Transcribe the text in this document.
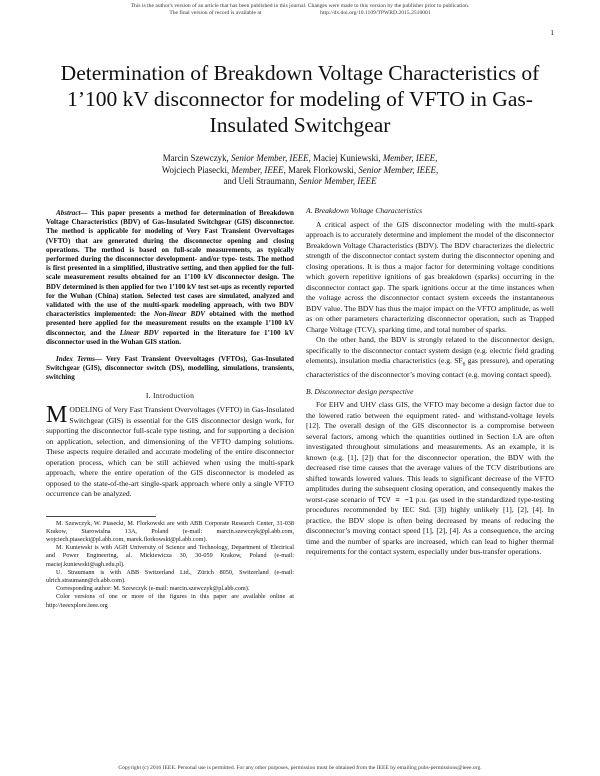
This is the author's version of an article that has been published in this journal. Changes were made to this version by the publisher prior to publication.
The final version of record is available at                                          http://dx.doi.org/10.1109/TPWRD.2015.2510001
1
Determination of Breakdown Voltage Characteristics of 1’100 kV disconnector for modeling of VFTO in Gas-Insulated Switchgear
Marcin Szewczyk, Senior Member, IEEE, Maciej Kuniewski, Member, IEEE,
Wojciech Piasecki, Member, IEEE, Marek Florkowski, Senior Member, IEEE,
and Ueli Straumann, Senior Member, IEEE

Abstract— This paper presents a method for determination of Breakdown Voltage Characteristics (BDV) of Gas-Insulated Switchgear (GIS) disconnector. The method is applicable for modeling of Very Fast Transient Overvoltages (VFTO) that are generated during the disconnector opening and closing operations. The method is based on full-scale measurements, as typically performed during the disconnector development- and/or type- tests. The method is first presented in a simplified, illustrative setting, and then applied for the full-scale measurement results obtained for an 1’100 kV disconnector design. The BDV determined is then applied for two 1’100 kV test set-ups as recently reported for the Wuhan (China) station. Selected test cases are simulated, analyzed and validated with the use of the multi-spark modeling approach, with two BDV characteristics implemented: the Non-linear BDV obtained with the method presented here applied for the measurement results on the example 1’100 kV disconnector, and the Linear BDV reported in the literature for 1’100 kV disconnector used in the Wuhan GIS station.

Index Terms— Very Fast Transient Overvoltages (VFTOs), Gas-Insulated Switchgear (GIS), disconnector switch (DS), modelling, simulations, transients, switching

I. Introduction

MODELING of Very Fast Transient Overvoltages (VFTO) in Gas-Insulated Switchgear (GIS) is essential for the GIS disconnector design work, for supporting the disconnector full-scale type testing, and for supporting a decision on application, selection, and dimensioning of the VFTO damping solutions. These aspects require detailed and accurate modeling of the entire disconnector operation process, which can be still achieved when using the multi-spark approach, where the entire operation of the GIS disconnector is modeled as opposed to the state-of-the-art single-spark approach where only a single VFTO occurrence can be analyzed.

M. Szewczyk, W. Piasecki, M. Florkowski are with ABB Corporate Research Center, 31-038 Krakow, Starowislna 13A, Poland (e-mail: marcin.szewczyk@pl.abb.com, wojciech.piasecki@pl.abb.com, marek.florkowski@pl.abb.com).

M. Kuniewski is with AGH University of Science and Technology, Department of Electrical and Power Engineering, al. Mickiewicza 30, 30-059 Krakow, Poland (e-mail: maciej.kuniewski@agh.edu.pl).

U. Straumann is with ABB Switzerland Ltd., Zürich 8050, Switzerland (e-mail: ulrich.straumann@ch.abb.com).

Corresponding author: M. Szewczyk (e-mail: marcin.szewczyk@pl.abb.com).

Color versions of one or more of the figures in this paper are available online at http://ieeexplore.ieee.org

A. Breakdown Voltage Characteristics

A critical aspect of the GIS disconnector modeling with the multi-spark approach is to accurately determine and implement the model of the disconnector Breakdown Voltage Characteristics (BDV). The BDV characterizes the dielectric strength of the disconnector contact system during the disconnector opening and closing operations. It is thus a major factor for determining voltage conditions which govern repetitive ignitions of gas breakdown (sparks) occurring in the disconnector contact gap. The spark ignitions occur at the time instances when the voltage across the disconnector contact system exceeds the instantaneous BDV value. The BDV has thus the major impact on the VFTO amplitude, as well as on other parameters characterizing disconnector operation, such as Trapped Charge Voltage (TCV), sparking time, and total number of sparks.

On the other hand, the BDV is strongly related to the disconnector design, specifically to the disconnector contact system design (e.g. electric field grading elements), insulation media characteristics (e.g. $SF_6$ gas pressure), and operating characteristics of the disconnector’s moving contact (e.g. moving contact speed).

B. Disconnector design perspective

For EHV and UHV class GIS, the VFTO may become a design factor due to the lowered ratio between the equipment rated- and withstand-voltage levels [12]. The overall design of the GIS disconnector is a compromise between several factors, among which the quantities outlined in Section I.A are often investigated throughout simulations and measurements. As an example, it is known (e.g. [1], [2]) that for the disconnector operation, the BDV with the decreased rise time causes that the average values of the TCV distributions are shifted towards lowered values. This leads to significant decrease of the VFTO amplitudes during the subsequent closing operation, and consequently makes the worst-case scenario of TCV = −1 p.u. (as used in the standardized type-testing procedures recommended by IEC Std. [3]) highly unlikely [1], [2], [4]. In practice, the BDV slope is often being decreased by means of reducing the disconnector’s moving contact speed [1], [2], [4]. As a consequence, the arcing time and the number of sparks are increased, which can lead to higher thermal requirements for the contact system, especially under bus-transfer operations.

Copyright (c) 2016 IEEE. Personal use is permitted. For any other purposes, permission must be obtained from the IEEE by emailing pubs-permissions@ieee.org.
